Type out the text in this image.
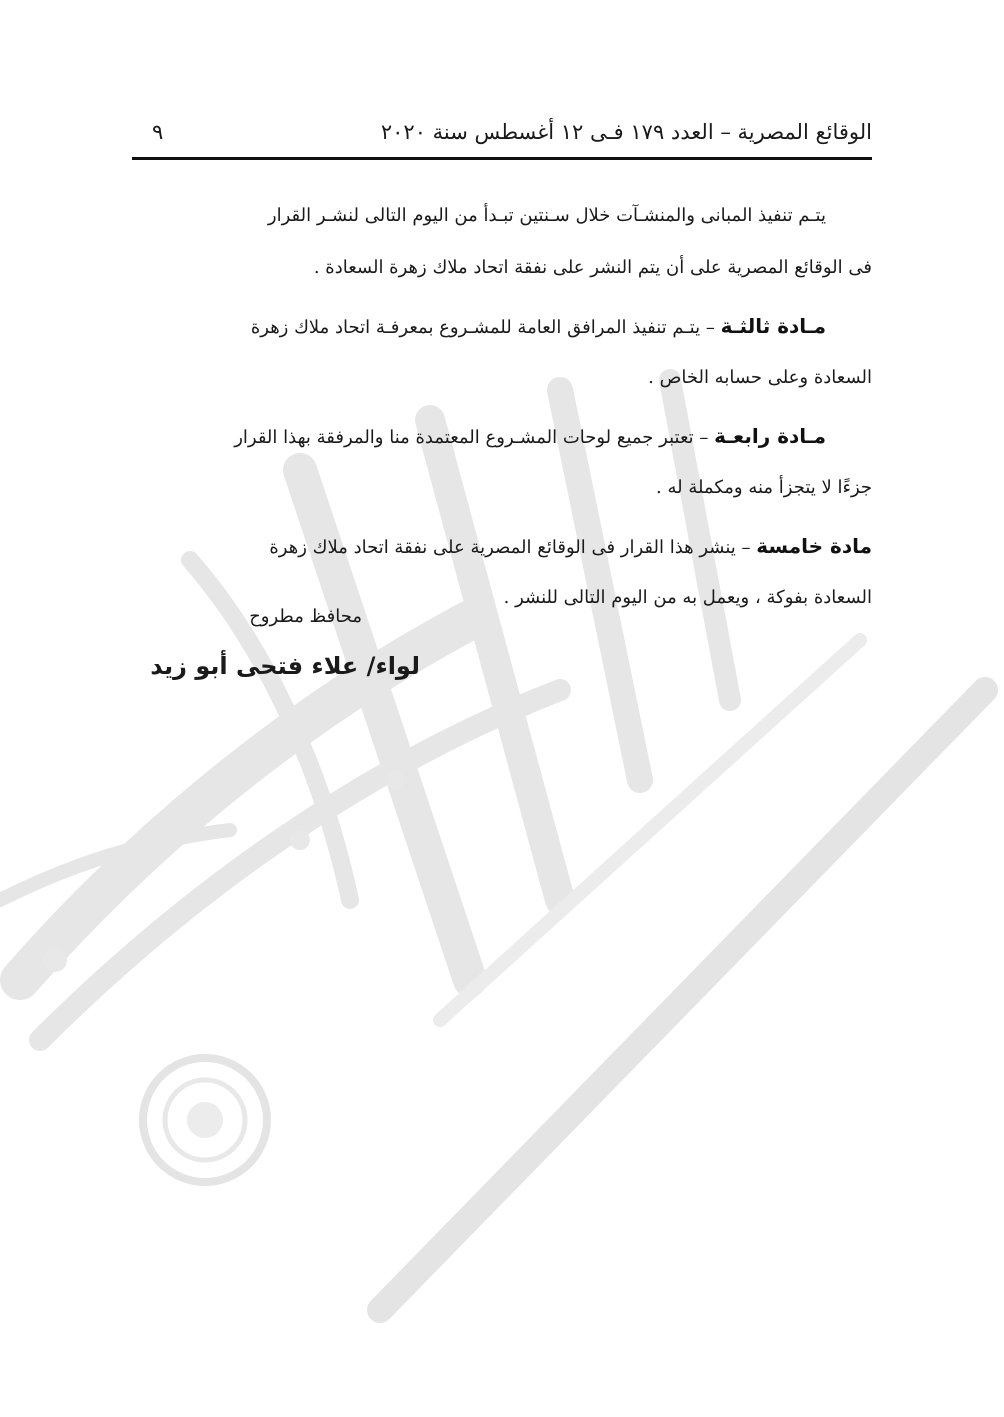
الوقائع المصرية – العدد ١٧٩ فـى ١٢ أغسطس سنة ٢٠٢٠
٩
يتـم تنفيذ المبانى والمنشـآت خلال سـنتين تبـدأ من اليوم التالى لنشـر القرار
فى الوقائع المصرية على أن يتم النشر على نفقة اتحاد ملاك زهرة السعادة .
مـادة ثالثـة – يتـم تنفيذ المرافق العامة للمشـروع بمعرفـة اتحاد ملاك زهرة
السعادة وعلى حسابه الخاص .
مـادة رابعـة – تعتبر جميع لوحات المشـروع المعتمدة منا والمرفقة بهذا القرار
جزءًا لا يتجزأ منه ومكملة له .
مادة خامسة – ينشر هذا القرار فى الوقائع المصرية على نفقة اتحاد ملاك زهرة
السعادة بفوكة ، ويعمل به من اليوم التالى للنشر .
محافظ مطروح
لواء/ علاء فتحى أبو زيد
